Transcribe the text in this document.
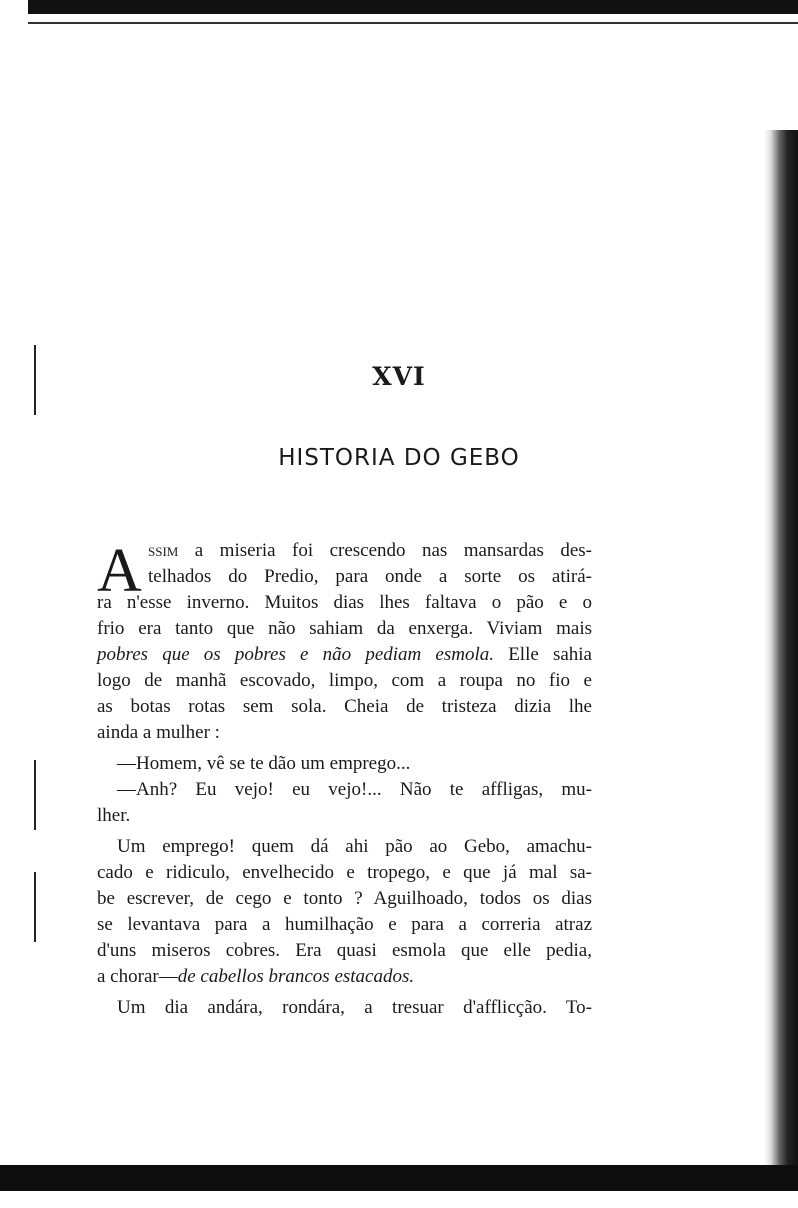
XVI
HISTORIA DO GEBO
A ssim a miseria foi crescendo nas mansardas des-
telhados do Predio, para onde a sorte os atirá-
ra n'esse inverno. Muitos dias lhes faltava o pão e o
frio era tanto que não sahiam da enxerga. Viviam mais
pobres que os pobres e não pediam esmola. Elle sahia
logo de manhã escovado, limpo, com a roupa no fio e
as botas rotas sem sola. Cheia de tristeza dizia lhe
ainda a mulher :
—Homem, vê se te dão um emprego...
—Anh? Eu vejo! eu vejo!... Não te affligas, mu-
lher.
Um emprego! quem dá ahi pão ao Gebo, amachu-
cado e ridiculo, envelhecido e tropego, e que já mal sa-
be escrever, de cego e tonto ? Aguilhoado, todos os dias
se levantava para a humilhação e para a correria atraz
d'uns miseros cobres. Era quasi esmola que elle pedia,
a chorar—de cabellos brancos estacados.
Um dia andára, rondára, a tresuar d'afflicção. To-
